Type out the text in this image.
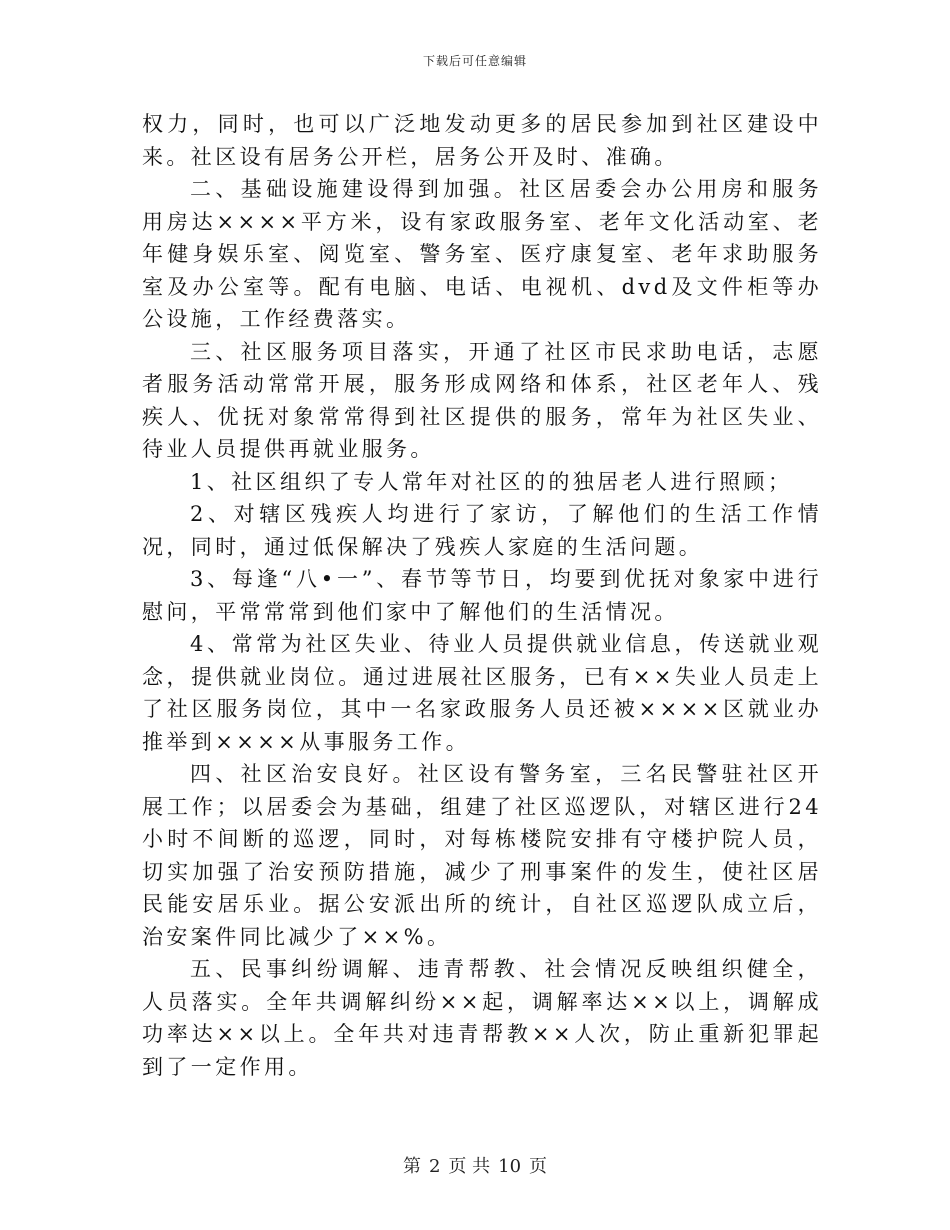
下载后可任意编辑

权力，同时，也可以广泛地发动更多的居民参加到社区建设中来。社区设有居务公开栏，居务公开及时、准确。

二、基础设施建设得到加强。社区居委会办公用房和服务用房达××××平方米，设有家政服务室、老年文化活动室、老年健身娱乐室、阅览室、警务室、医疗康复室、老年求助服务室及办公室等。配有电脑、电话、电视机、dvd及文件柜等办公设施，工作经费落实。

三、社区服务项目落实，开通了社区市民求助电话，志愿者服务活动常常开展，服务形成网络和体系，社区老年人、残疾人、优抚对象常常得到社区提供的服务，常年为社区失业、待业人员提供再就业服务。

1、社区组织了专人常年对社区的的独居老人进行照顾；

2、对辖区残疾人均进行了家访，了解他们的生活工作情况，同时，通过低保解决了残疾人家庭的生活问题。

3、每逢“八•一”、春节等节日，均要到优抚对象家中进行慰问，平常常常到他们家中了解他们的生活情况。

4、常常为社区失业、待业人员提供就业信息，传送就业观念，提供就业岗位。通过进展社区服务，已有××失业人员走上了社区服务岗位，其中一名家政服务人员还被××××区就业办推举到××××从事服务工作。

四、社区治安良好。社区设有警务室，三名民警驻社区开展工作；以居委会为基础，组建了社区巡逻队，对辖区进行24小时不间断的巡逻，同时，对每栋楼院安排有守楼护院人员，切实加强了治安预防措施，减少了刑事案件的发生，使社区居民能安居乐业。据公安派出所的统计，自社区巡逻队成立后，治安案件同比减少了××%。

五、民事纠纷调解、违青帮教、社会情况反映组织健全，人员落实。全年共调解纠纷××起，调解率达××以上，调解成功率达××以上。全年共对违青帮教××人次，防止重新犯罪起到了一定作用。

第 2 页 共 10 页
